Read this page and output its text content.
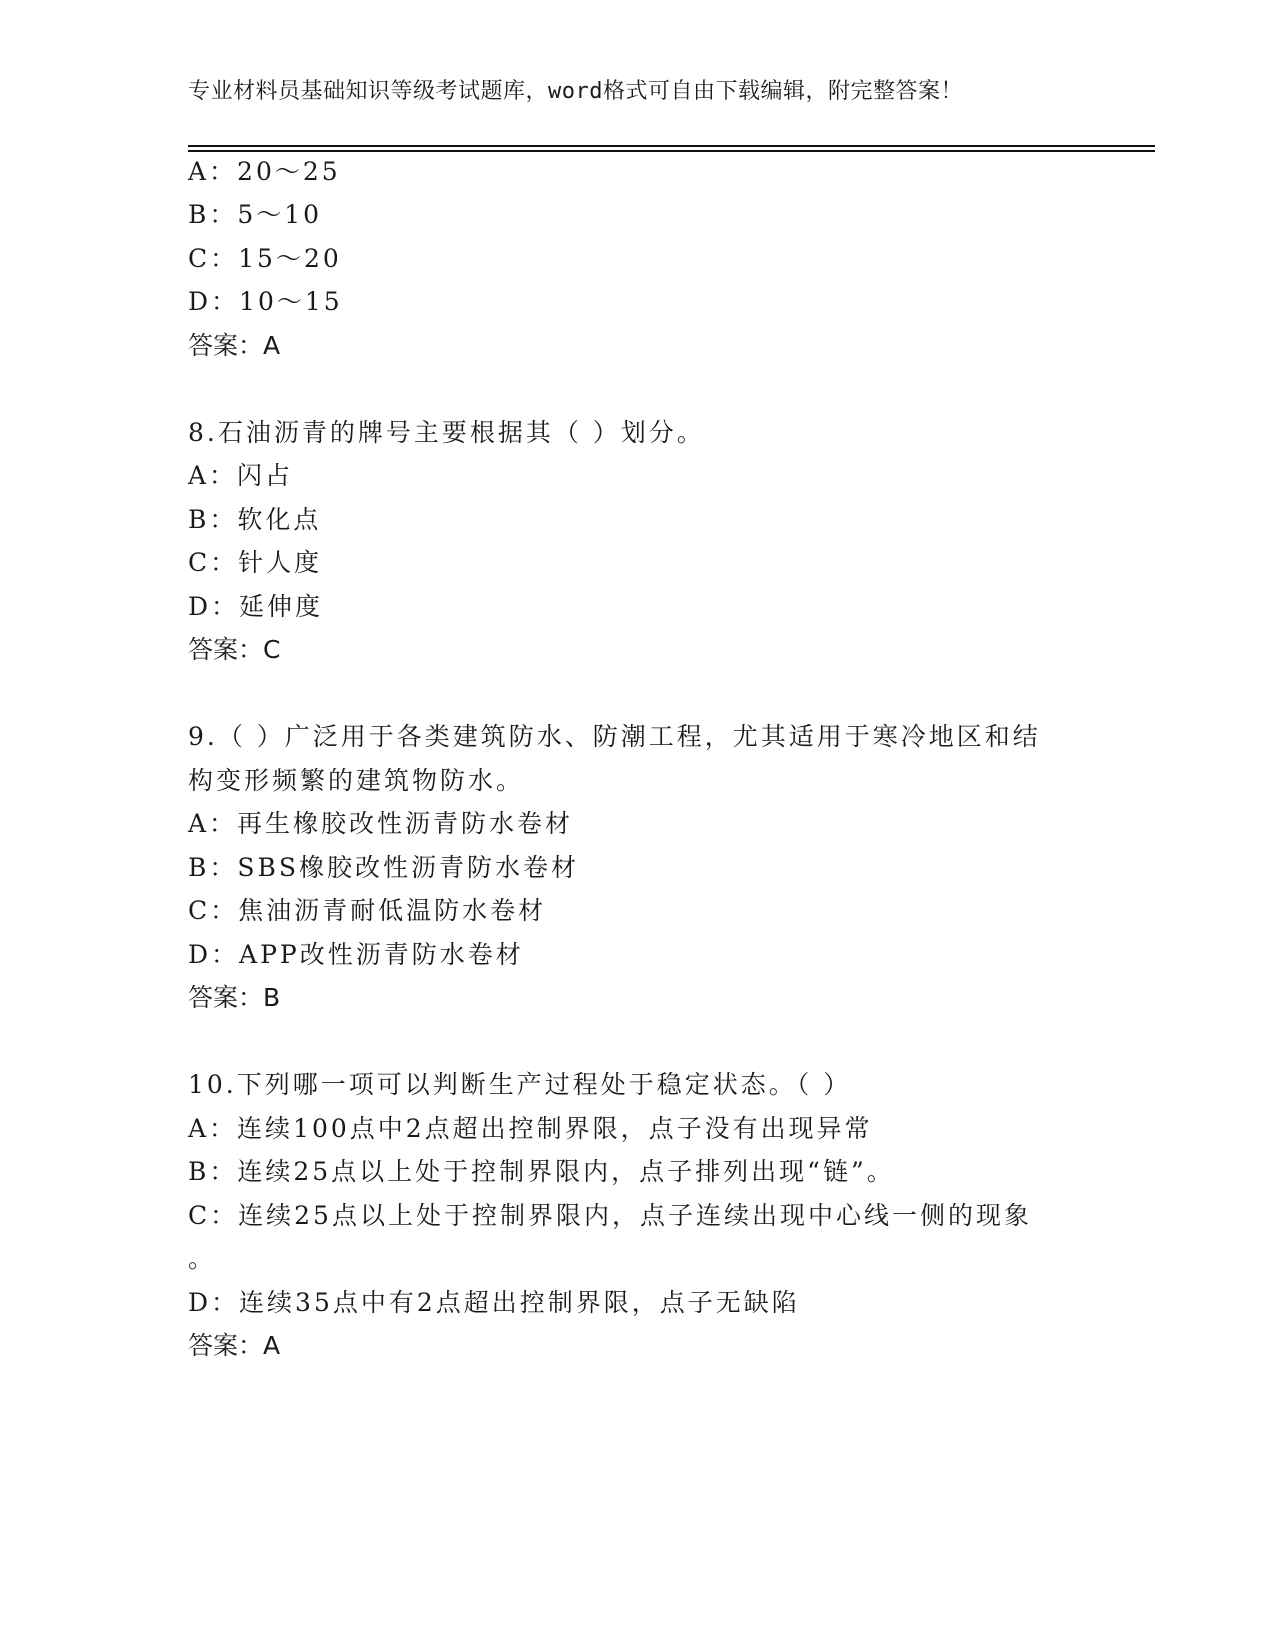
专业材料员基础知识等级考试题库，word格式可自由下载编辑，附完整答案！
A：20～25
B：5～10
C：15～20
D：10～15
答案：A
8.石油沥青的牌号主要根据其（ ）划分。
A：闪占
B：软化点
C：针人度
D：延伸度
答案：C
9.（ ）广泛用于各类建筑防水、防潮工程，尤其适用于寒冷地区和结
构变形频繁的建筑物防水。
A：再生橡胶改性沥青防水卷材
B：SBS橡胶改性沥青防水卷材
C：焦油沥青耐低温防水卷材
D：APP改性沥青防水卷材
答案：B
10.下列哪一项可以判断生产过程处于稳定状态。（ ）
A：连续100点中2点超出控制界限，点子没有出现异常
B：连续25点以上处于控制界限内，点子排列出现“链”。
C：连续25点以上处于控制界限内，点子连续出现中心线一侧的现象
。
D：连续35点中有2点超出控制界限，点子无缺陷
答案：A
